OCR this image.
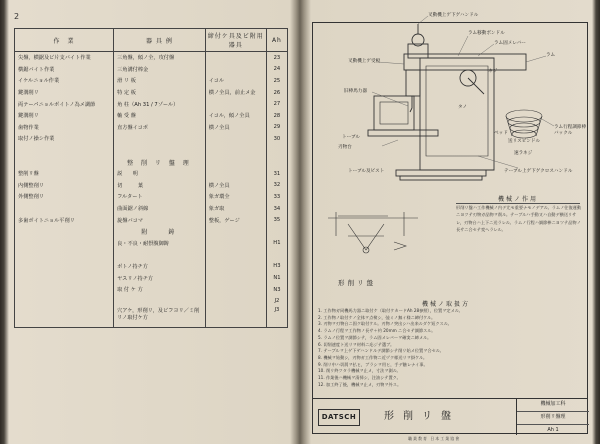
2
作　業	器 具 例	締付ケ具及ビ附用器具	Ah
尖盤，横鋸及ビ片支バイト作業	三角盤，傾ノ全，攻付盤		23
横鋸バイト作業	三角溝付棒金		24
イケルニョル作業	滑 リ 板	イコル	25
鍵溝削リ	特 定 板	横ノ全具，前止メ金	26
両テーパニョルボイトノ為メ調節	角 柱（Ah 31 / 7ゾール）		27
鍵溝削リ	軸 受 盤	イコル，傾ノ全具	28
歯物作業	直方盤イコボ	横ノ全具	29
取付ノ操シ作業			30

	整 削 リ 盤 理		
整削リ盤	説　　明		31
内側整削リ	切　　　葉	横ノ全具	32
外側整削リ	フルタート	象ガ環全	33
	曲面鋸ノ斜線	象ガ取	34
多歯ボイトニョル平削リ	旋盤バコマ	整板，ゲージ	35
	附　　鋳		
	良・不良・耐摂腹御鋳		H1

	ボトノ持チ方		H3
	ヤスリノ持チ方		N1
	取 付 ケ 方		N3
			J2
	穴アケ，形削リ，及ビフヨリ／ミ削リノ取付ケ方		J3
叉動機上ゲ下ゲハンドル
ラム移動ボンドル
ラム固メレバー
叉動機上ゲ受板
旧棒馬力器
ラム
ラム行程調節棒バックル
ネジ
トーブル
刃物台
テーブル上ゲ下ゲクロスハンドル
トーブル及ビスト
送リスピンドル
速ラネジ
ベッド
タノ
機械ノ作用
形削リ盤ハ工作機械ノ内デ尤モ重要ナモノデアル。ラムノ往復運動ニヨツテ刃物ガ品物ヲ削ル。テーブルハ手動又ハ自動デ横送リサレ，刃物台ハ上下ニ送ラレル。ラムノ行程ハ調節棒ニヨツテ品物ノ長サニ合セテ変ヘラレル。
形削リ盤
機械ノ取扱方
1. 工作物ガ同機馬力器ニ取付ケ（取付ケカードAh 28参照），位置ヲ定メル。
2. 工作物ノ取付ケノ全体ヲ点検シ，弛ミノ無イ様ニ締付ケル。
3. 刃物ヲ刃物台ニ固ク取付ケル。刃物ノ突出シハ出来ルダケ短クスル。
4. ラムノ行程ヲ工作物ノ長サ＋約 20mm ニ合セテ調節スル。
5. ラムノ位置ヲ調節シテ，ラム固メレバーヲ確実ニ締メル。
6. 切削速度ト送リヲ材料ニ応ジテ選ブ。
7. テーブルヲ上ゲ下ゲハンドルデ調節シテ削リ始メ位置ヲ合セル。
8. 機械ヲ始動シ，刃物ガ工作物ニ近ヅク様送リヲ掛ケル。
9. 削リ中ハ切屑ヲ払ヒ，ブラシヲ用ヒ，手デ触レナイ事。
10. 削リ終ツタラ機械ヲ止メ，寸法ヲ測ル。
11. 作業後ハ機械ヲ清掃シ，注油シテ置ク。
12. 加工終了後，機械ヲ止メ，刃物ヲ外ス。
DATSCH	形削リ盤
機械加工科
形削リ盤理
Ah 1
職業教育 日本工業協會
